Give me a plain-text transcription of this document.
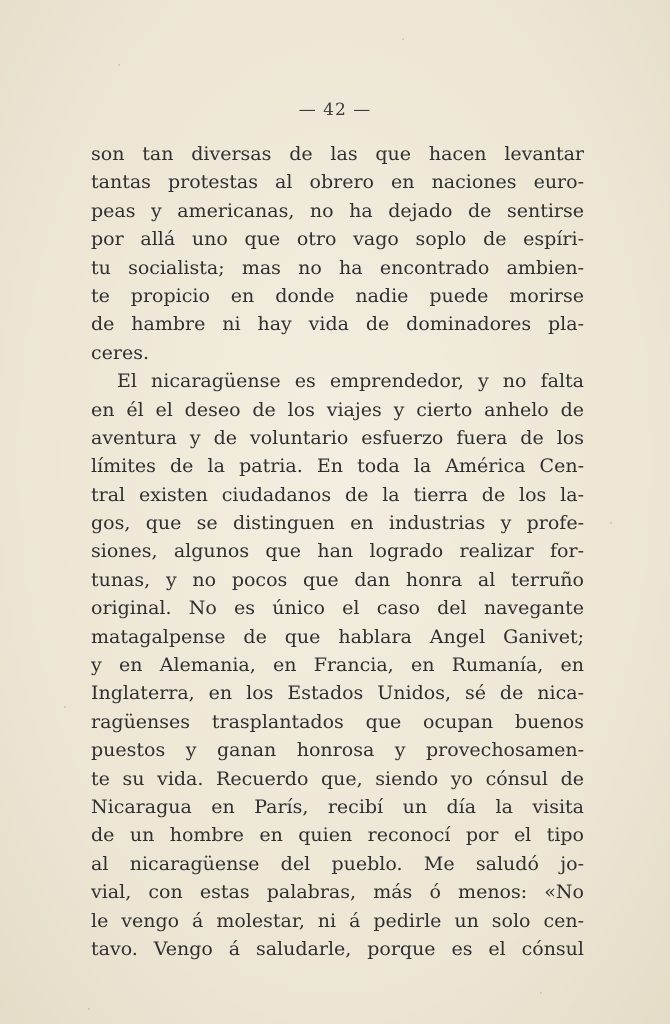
— 42 —
son tan diversas de las que hacen levantar
tantas protestas al obrero en naciones euro-
peas y americanas, no ha dejado de sentirse
por allá uno que otro vago soplo de espíri-
tu socialista; mas no ha encontrado ambien-
te propicio en donde nadie puede morirse
de hambre ni hay vida de dominadores pla-
ceres.
El nicaragüense es emprendedor, y no falta
en él el deseo de los viajes y cierto anhelo de
aventura y de voluntario esfuerzo fuera de los
límites de la patria. En toda la América Cen-
tral existen ciudadanos de la tierra de los la-
gos, que se distinguen en industrias y profe-
siones, algunos que han logrado realizar for-
tunas, y no pocos que dan honra al terruño
original. No es único el caso del navegante
matagalpense de que hablara Angel Ganivet;
y en Alemania, en Francia, en Rumanía, en
Inglaterra, en los Estados Unidos, sé de nica-
ragüenses trasplantados que ocupan buenos
puestos y ganan honrosa y provechosamen-
te su vida. Recuerdo que, siendo yo cónsul de
Nicaragua en París, recibí un día la visita
de un hombre en quien reconocí por el tipo
al nicaragüense del pueblo. Me saludó jo-
vial, con estas palabras, más ó menos: «No
le vengo á molestar, ni á pedirle un solo cen-
tavo. Vengo á saludarle, porque es el cónsul
